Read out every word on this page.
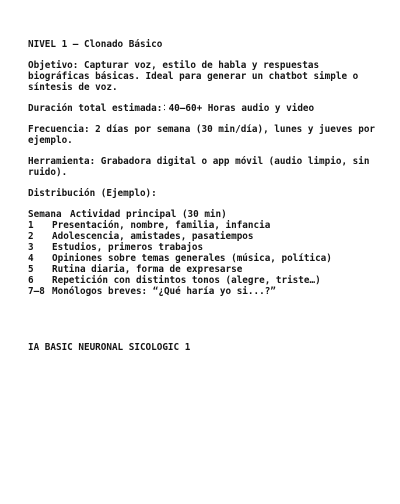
NIVEL 1 – Clonado Básico

Objetivo: Capturar voz, estilo de habla y respuestas biográficas básicas. Ideal para generar un chatbot simple o síntesis de voz.

Duración total estimada:⁚ 40–60+ Horas audio y video

Frecuencia: 2 días por semana (30 min/día), lunes y jueves por ejemplo.

Herramienta: Grabadora digital o app móvil (audio limpio, sin ruido).

Distribución (Ejemplo):

Semana Actividad principal (30 min)
1	Presentación, nombre, familia, infancia
2	Adolescencia, amistades, pasatiempos
3	Estudios, primeros trabajos
4	Opiniones sobre temas generales (música, política)
5	Rutina diaria, forma de expresarse
6	Repetición con distintos tonos (alegre, triste…)
7–8 Monólogos breves: “¿Qué haría yo si...?”

IA BASIC NEURONAL SICOLOGIC 1
